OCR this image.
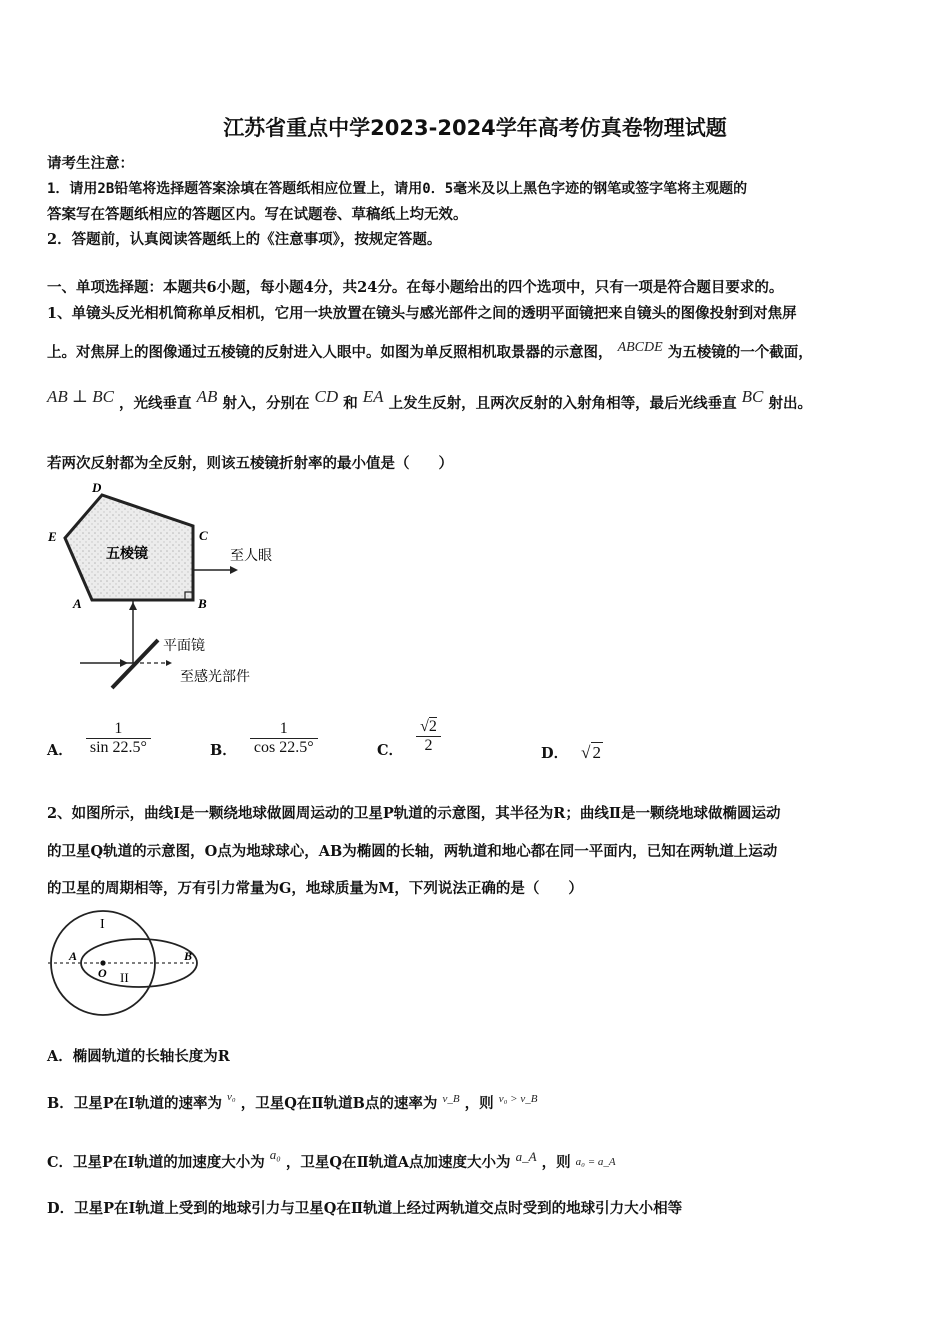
江苏省重点中学2023-2024学年高考仿真卷物理试题
请考生注意：
1．请用2B铅笔将选择题答案涂填在答题纸相应位置上，请用0．5毫米及以上黑色字迹的钢笔或签字笔将主观题的
答案写在答题纸相应的答题区内。写在试题卷、草稿纸上均无效。
2．答题前，认真阅读答题纸上的《注意事项》，按规定答题。
一、单项选择题：本题共6小题，每小题4分，共24分。在每小题给出的四个选项中，只有一项是符合题目要求的。
1、单镜头反光相机简称单反相机，它用一块放置在镜头与感光部件之间的透明平面镜把来自镜头的图像投射到对焦屏
上。对焦屏上的图像通过五棱镜的反射进入人眼中。如图为单反照相机取景器的示意图， ABCDE 为五棱镜的一个截面，
AB ⊥ BC ，光线垂直 AB 射入，分别在 CD 和 EA 上发生反射，且两次反射的入射角相等，最后光线垂直 BC 射出。
若两次反射都为全反射，则该五棱镜折射率的最小值是（　　）
D
C
E
A	B
五棱镜	至人眼
平面镜
至感光部件
A． $\frac{1}{\sin 22.5^\circ}$	B． $\frac{1}{\cos 22.5^\circ}$	C． $\frac{√2}{2}$	D． √ 2
2、如图所示，曲线Ⅰ是一颗绕地球做圆周运动的卫星P轨道的示意图，其半径为R；曲线Ⅱ是一颗绕地球做椭圆运动
的卫星Q轨道的示意图，O点为地球球心，AB为椭圆的长轴，两轨道和地心都在同一平面内，已知在两轨道上运动
的卫星的周期相等，万有引力常量为G，地球质量为M，下列说法正确的是（　　）
I
II
A	B
O
A．椭圆轨道的长轴长度为R
B．卫星P在Ⅰ轨道的速率为 $^{v_0}$ ，卫星Q在Ⅱ轨道B点的速率为 $^{v\_B}$ ，则 $^{v_0 > v\_B}$
C．卫星P在Ⅰ轨道的加速度大小为 a₀ ，卫星Q在Ⅱ轨道A点加速度大小为 a_A ，则 a₀ = a_A
D．卫星P在Ⅰ轨道上受到的地球引力与卫星Q在Ⅱ轨道上经过两轨道交点时受到的地球引力大小相等
